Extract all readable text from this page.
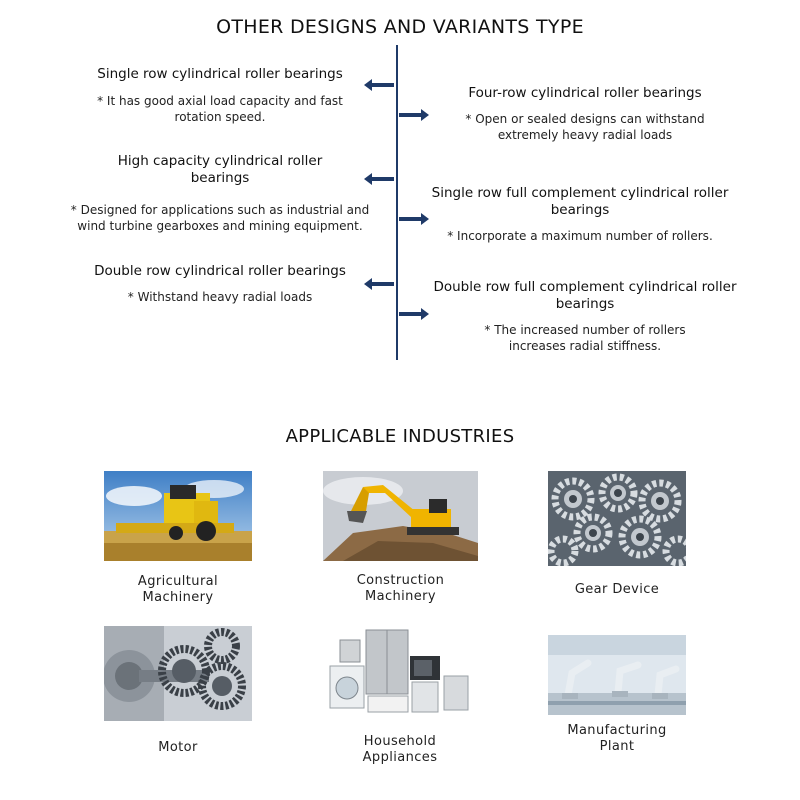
OTHER DESIGNS AND VARIANTS TYPE
Single row cylindrical roller bearings
* It has good axial load capacity and fast rotation speed.
High capacity cylindrical roller bearings
* Designed for applications such as industrial and wind turbine gearboxes and mining equipment.
Double row cylindrical roller bearings
* Withstand heavy radial loads
Four-row cylindrical roller bearings
* Open or sealed designs can withstand extremely heavy radial loads
Single row full complement cylindrical roller bearings
* Incorporate a maximum number of rollers.
Double row full complement cylindrical roller bearings
* The increased number of rollers increases radial stiffness.
APPLICABLE INDUSTRIES
Agricultural Machinery
Construction Machinery	Gear Device
Motor	Household Appliances
Manufacturing Plant
